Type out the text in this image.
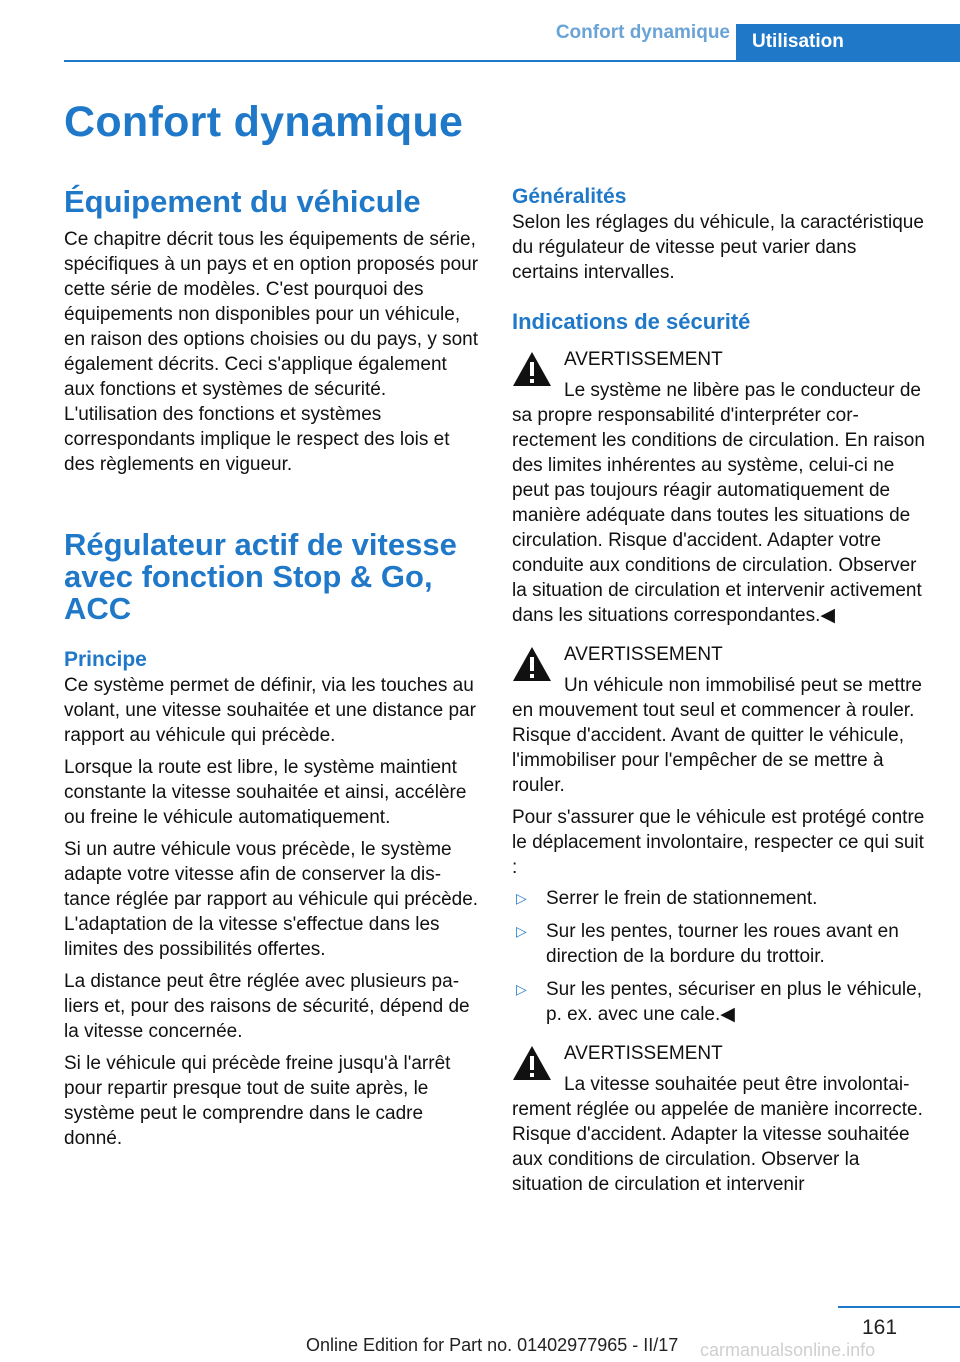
Confort dynamique	Utilisation
Confort dynamique
Équipement du véhicule

Ce chapitre décrit tous les équipements de série, spécifiques à un pays et en option proposés pour cette série de modèles. C'est pourquoi des équipements non disponibles pour un véhicule, en raison des options choisies ou du pays, y sont également décrits. Ceci s'applique également aux fonctions et systèmes de sécurité. L'utilisation des fonctions et systèmes correspondants implique le respect des lois et des règlements en vigueur.

Régulateur actif de vitesse avec fonction Stop & Go, ACC
Principe

Ce système permet de définir, via les touches au volant, une vitesse souhaitée et une distance par rapport au véhicule qui précède.

Lorsque la route est libre, le système maintient constante la vitesse souhaitée et ainsi, accélère ou freine le véhicule automatiquement.

Si un autre véhicule vous précède, le système adapte votre vitesse afin de conserver la distance réglée par rapport au véhicule qui précède. L'adaptation de la vitesse s'effectue dans les limites des possibilités offertes.

La distance peut être réglée avec plusieurs paliers et, pour des raisons de sécurité, dépend de la vitesse concernée.

Si le véhicule qui précède freine jusqu'à l'arrêt pour repartir presque tout de suite après, le système peut le comprendre dans le cadre donné.

Généralités

Selon les réglages du véhicule, la caractéristique du régulateur de vitesse peut varier dans certains intervalles.

Indications de sécurité
AVERTISSEMENT
Le système ne libère pas le conducteur de sa propre responsabilité d'interpréter correctement les conditions de circulation. En raison des limites inhérentes au système, celui-ci ne peut pas toujours réagir automatiquement de manière adéquate dans toutes les situations de circulation. Risque d'accident. Adapter votre conduite aux conditions de circulation. Observer la situation de circulation et intervenir activement dans les situations correspondantes.◀
AVERTISSEMENT
Un véhicule non immobilisé peut se mettre en mouvement tout seul et commencer à rouler. Risque d'accident. Avant de quitter le véhicule, l'immobiliser pour l'empêcher de se mettre à rouler.

Pour s'assurer que le véhicule est protégé contre le déplacement involontaire, respecter ce qui suit :

▷ Serrer le frein de stationnement.
▷ Sur les pentes, tourner les roues avant en direction de la bordure du trottoir.
▷ Sur les pentes, sécuriser en plus le véhicule, p. ex. avec une cale.◀
AVERTISSEMENT
La vitesse souhaitée peut être involontairement réglée ou appelée de manière incorrecte. Risque d'accident. Adapter la vitesse souhaitée aux conditions de circulation. Observer la situation de circulation et intervenir
161
Online Edition for Part no. 01402977965 - II/17 carmanualsonline.info
